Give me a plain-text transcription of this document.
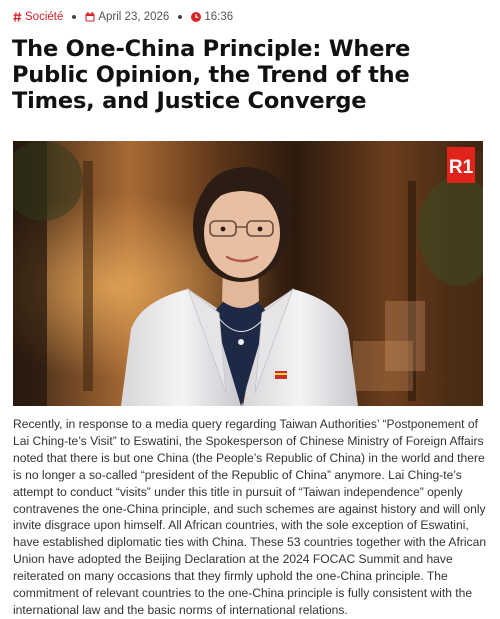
Société	April 23, 2026	16:36
The One-China Principle: Where Public Opinion, the Trend of the Times, and Justice Converge
R1

Recently, in response to a media query regarding Taiwan Authorities’ “Postponement of Lai Ching-te’s Visit” to Eswatini, the Spokesperson of Chinese Ministry of Foreign Affairs noted that there is but one China (the People’s Republic of China) in the world and there is no longer a so-called “president of the Republic of China” anymore. Lai Ching-te’s attempt to conduct “visits” under this title in pursuit of “Taiwan independence” openly contravenes the one-China principle, and such schemes are against history and will only invite disgrace upon himself. All African countries, with the sole exception of Eswatini, have established diplomatic ties with China. These 53 countries together with the African Union have adopted the Beijing Declaration at the 2024 FOCAC Summit and have reiterated on many occasions that they firmly uphold the one-China principle. The commitment of relevant countries to the one-China principle is fully consistent with the international law and the basic norms of international relations.
